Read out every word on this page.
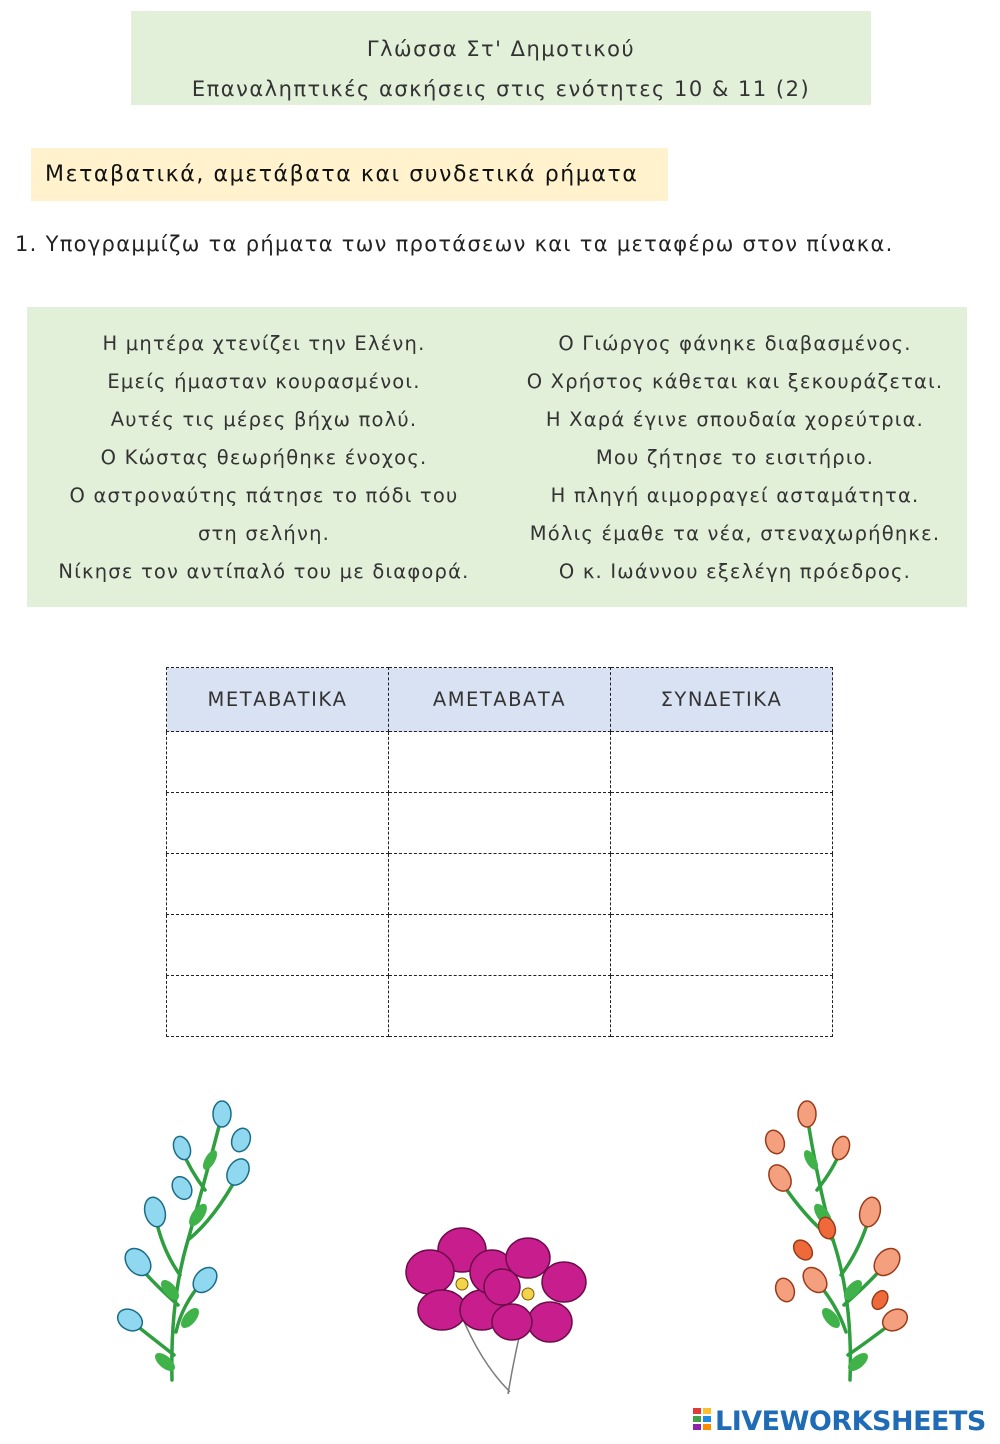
Γλώσσα Στ' Δημοτικού
Επαναληπτικές ασκήσεις στις ενότητες 10 & 11 (2)
Μεταβατικά, αμετάβατα και συνδετικά ρήματα
1. Υπογραμμίζω τα ρήματα των προτάσεων και τα μεταφέρω στον πίνακα.
Η μητέρα χτενίζει την Ελένη.
Εμείς ήμασταν κουρασμένοι.
Αυτές τις μέρες βήχω πολύ.
Ο Κώστας θεωρήθηκε ένοχος.
Ο αστροναύτης πάτησε το πόδι του
στη σελήνη.
Νίκησε τον αντίπαλό του με διαφορά.
Ο Γιώργος φάνηκε διαβασμένος.
Ο Χρήστος κάθεται και ξεκουράζεται.
Η Χαρά έγινε σπουδαία χορεύτρια.
Μου ζήτησε το εισιτήριο.
Η πληγή αιμορραγεί ασταμάτητα.
Μόλις έμαθε τα νέα, στεναχωρήθηκε.
Ο κ. Ιωάννου εξελέγη πρόεδρος.
ΜΕΤΑΒΑΤΙΚΑ	ΑΜΕΤΑΒΑΤΑ	ΣΥΝΔΕΤΙΚΑ

LIVEWORKSHEETS
